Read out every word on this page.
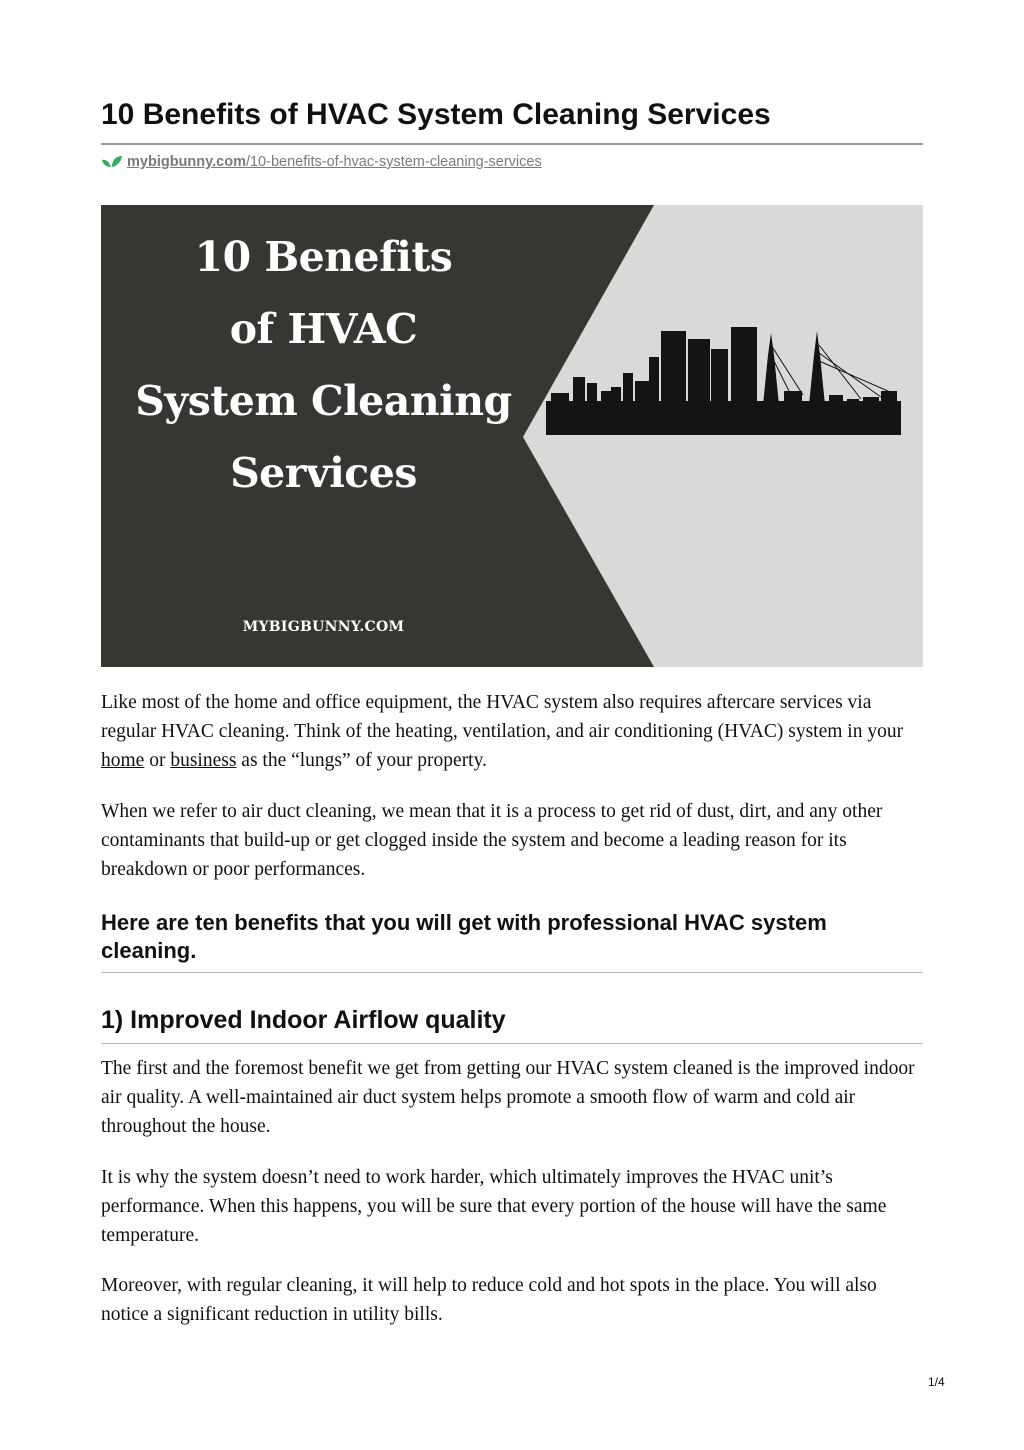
10 Benefits of HVAC System Cleaning Services
mybigbunny.com/10-benefits-of-hvac-system-cleaning-services
10 Benefits
of HVAC
System Cleaning
Services
MYBIGBUNNY.COM

Like most of the home and office equipment, the HVAC system also requires aftercare services via regular HVAC cleaning. Think of the heating, ventilation, and air conditioning (HVAC) system in your home or business as the “lungs” of your property.

When we refer to air duct cleaning, we mean that it is a process to get rid of dust, dirt, and any other contaminants that build-up or get clogged inside the system and become a leading reason for its breakdown or poor performances.

Here are ten benefits that you will get with professional HVAC system cleaning.
1) Improved Indoor Airflow quality

The first and the foremost benefit we get from getting our HVAC system cleaned is the improved indoor air quality. A well-maintained air duct system helps promote a smooth flow of warm and cold air throughout the house.

It is why the system doesn’t need to work harder, which ultimately improves the HVAC unit’s performance. When this happens, you will be sure that every portion of the house will have the same temperature.

Moreover, with regular cleaning, it will help to reduce cold and hot spots in the place. You will also notice a significant reduction in utility bills.

1/4
